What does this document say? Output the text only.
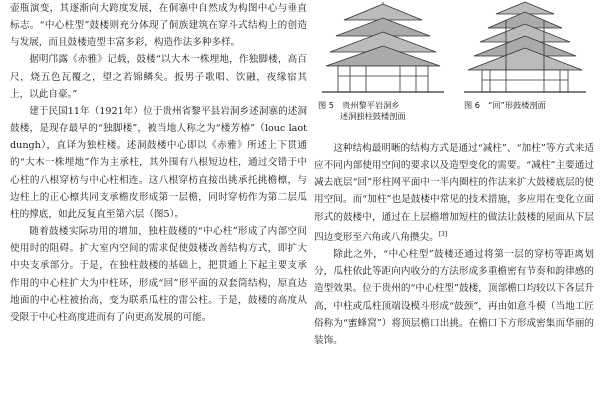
壶瓶演变，其逐渐向大跨度发展，在侗寨中自然成为构图中心与垂直标志。“中心柱型”鼓楼则充分体现了侗族建筑在穿斗式结构上的创造与发展，而且鼓楼造型丰富多彩，构造作法多种多样。

据明邝露《赤雅》记载，鼓楼“以大木一株埋地，作独脚楼，高百尺，烧五色瓦覆之，望之若锦鳞矣。扳男子歌唱、饮融，夜缘宿其上，以此自豪。”

建于民国11年（1921年）位于贵州省黎平县岩洞乡述洞寨的述洞鼓楼，是现存最早的“独脚楼”，被当地人称之为“楼芳椿”（louc laot dungh），直译为独柱楼。述洞鼓楼中心即以《赤雅》所述上下贯通的“大木一株埋地”作为主承柱，其外围有八根短边柱，通过交错于中心柱的八根穿枋与中心柱相连。这八根穿枋直接出挑承托挑檐檩，与边柱上的正心檩共同支承檐皮形成第一层檐，同时穿枋作为第二层瓜柱的撑底，如此反复直至第六层（图5）。

随着鼓楼实际功用的增加，独柱鼓楼的“中心柱”形成了内部空间使用时的阻碍。扩大室内空间的需求促使鼓楼改善结构方式，即扩大中央支承部分。于是，在独柱鼓楼的基础上，把贯通上下起主要支承作用的中心柱扩大为中柱环，形成“回”形平面的双套筒结构，原直达地面的中心柱被抬高，变为联系瓜柱的雷公柱。于是，鼓楼的高度从受限于中心柱高度进而有了向更高发展的可能。

图 5　贵州黎平岩洞乡
述洞独柱鼓楼剖面
图 6　“回”形鼓楼剖面

这种结构最明晰的结构方式是通过“减柱”、“加柱”等方式来适应不同内部使用空间的要求以及造型变化的需要。“减柱”主要通过减去底层“回”形柱网平面中一半内圈柱的作法来扩大鼓楼底层的使用空间。而“加柱”也是鼓楼中常见的技术措施，多应用在变化立面形式的鼓楼中，通过在上层檐增加短柱的做法让鼓楼的屋面从下层四边变形至六角或八角攒尖。[3]

除此之外，“中心柱型”鼓楼还通过将第一层的穿枋等距离划分，瓜柱依此等距向内收分的方法形成多重檐密有节奏和韵律感的造型效果。位于贵州的“中心柱型”鼓楼，顶部檐口均较以下各层升高，中柱或瓜柱顶端设模斗形成“鼓颈”，再由如意斗模（当地工匠俗称为“蜜蜂窝”）将顶层檐口出挑。在檐口下方形成密集而华丽的装饰。
